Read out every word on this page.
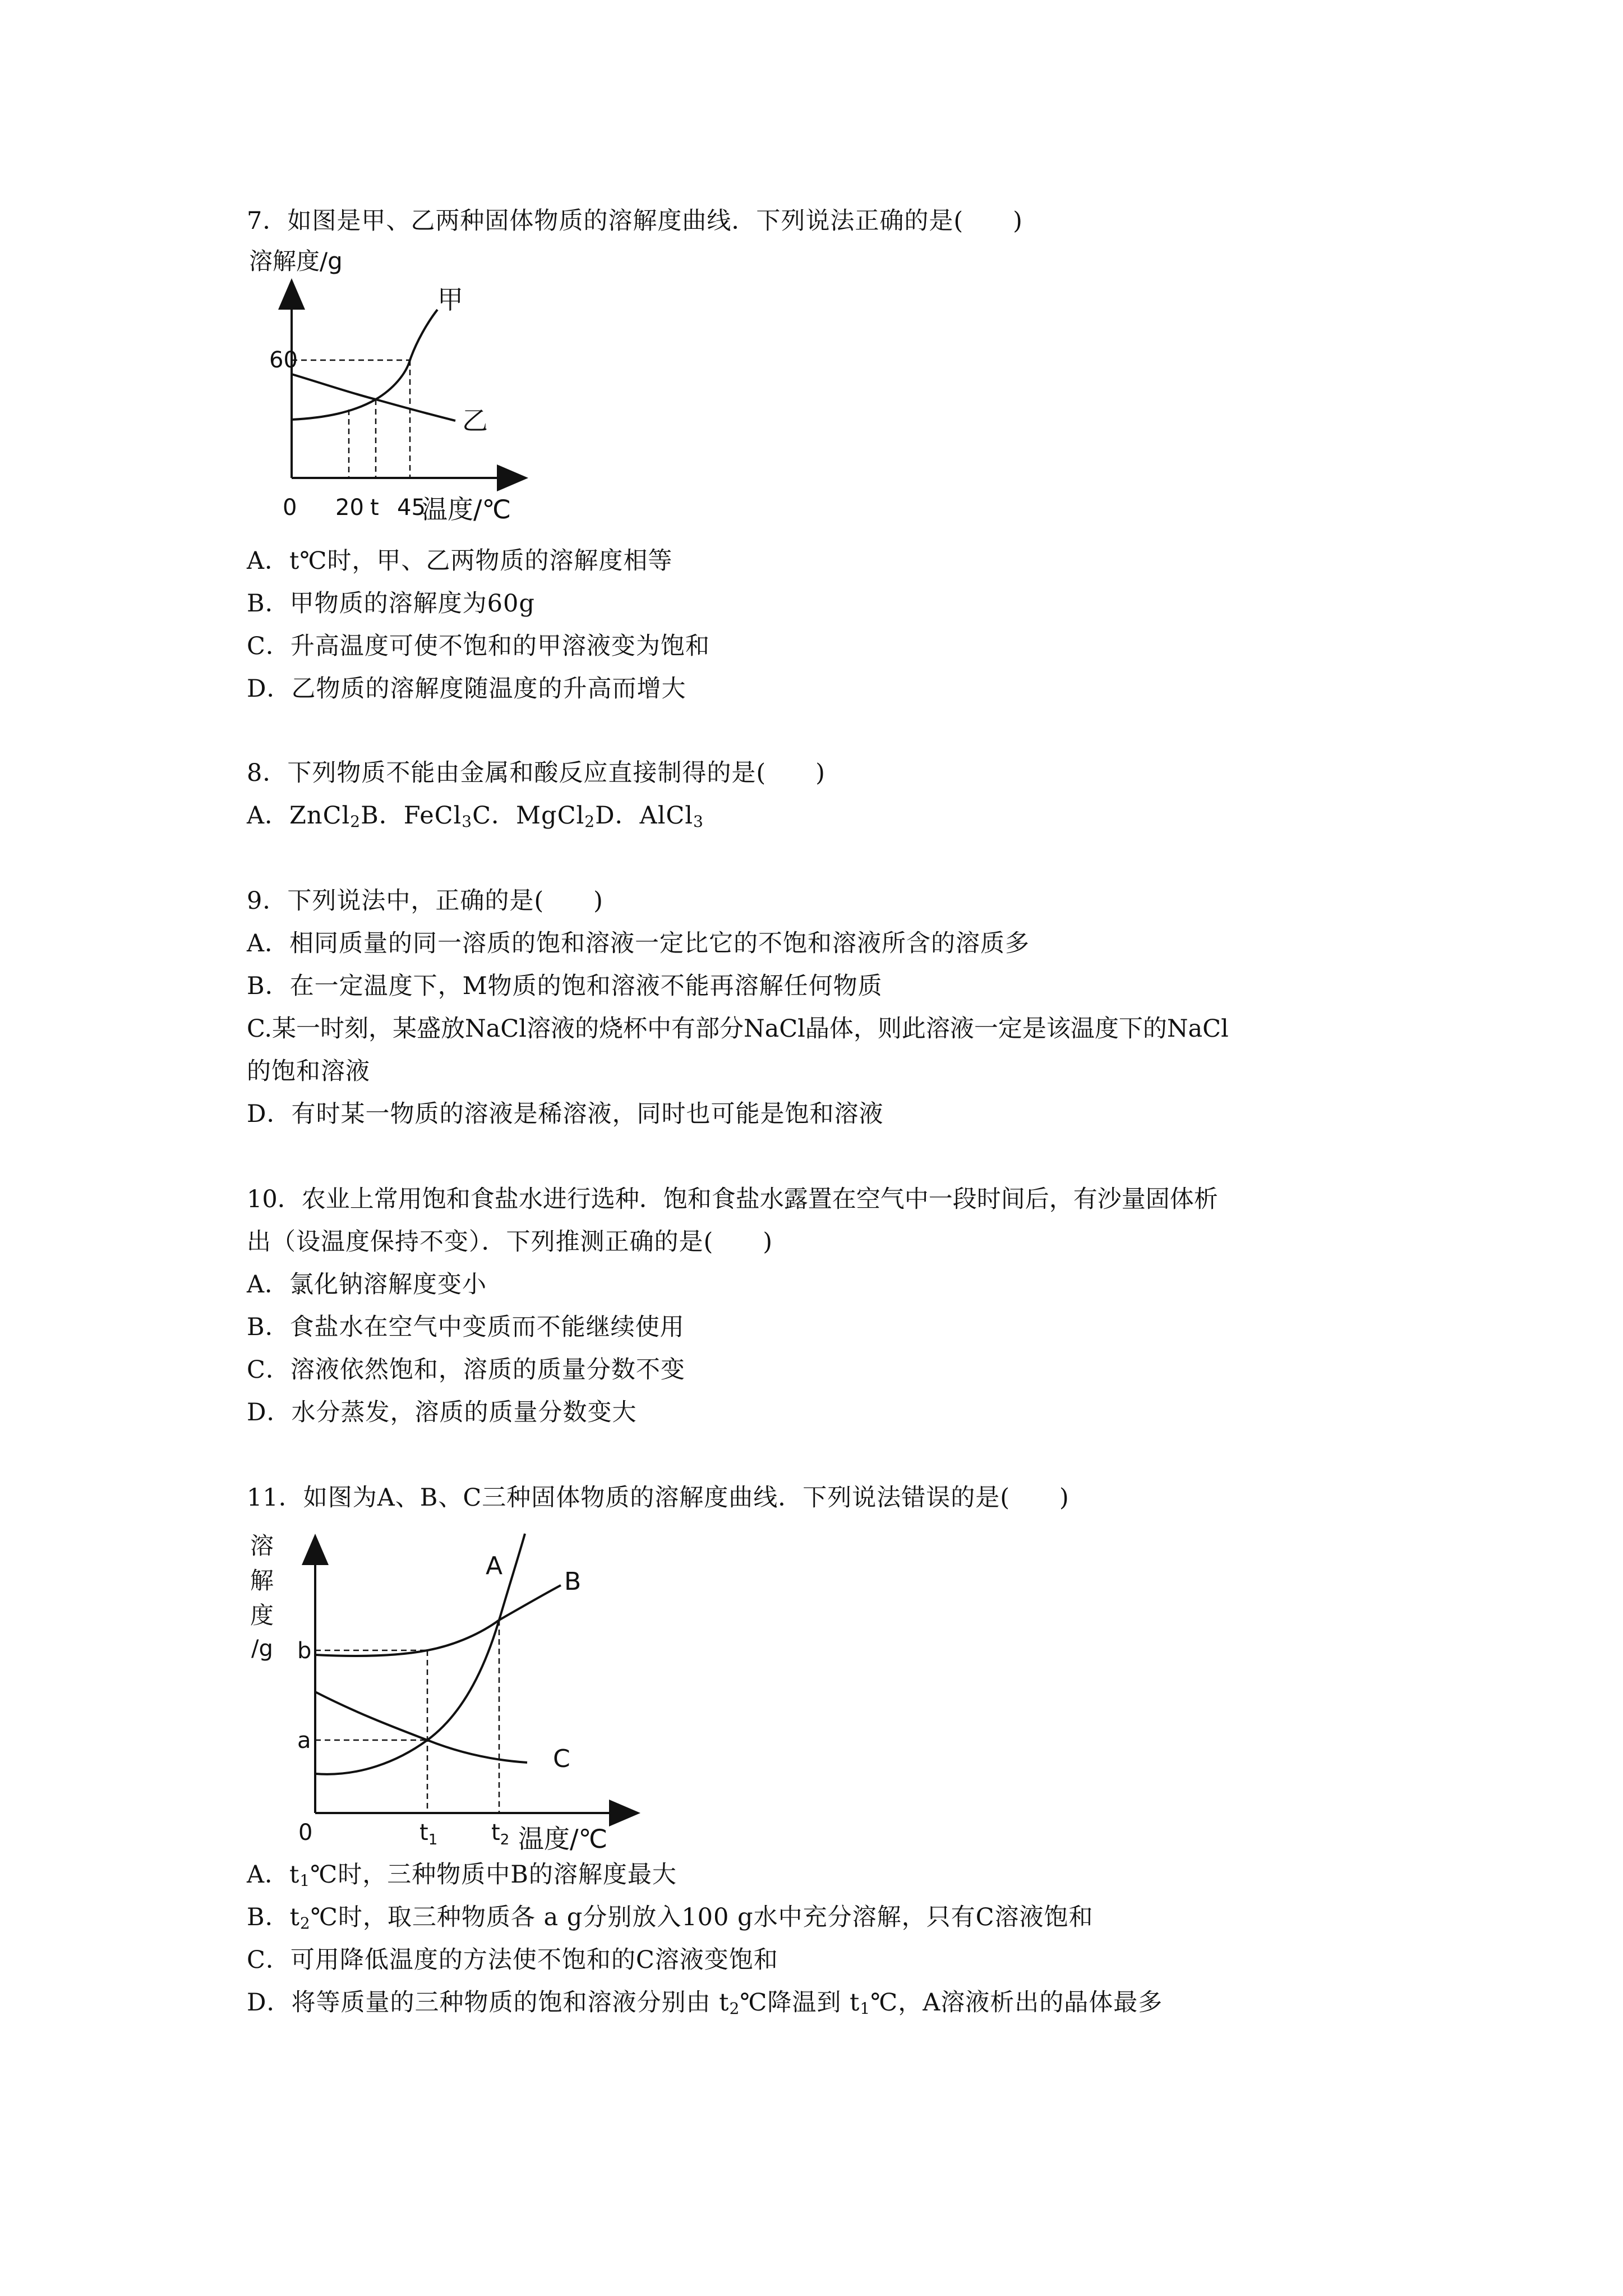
7．如图是甲、乙两种固体物质的溶解度曲线．下列说法正确的是(　　)
溶解度/g
60
甲
乙
0 20 t 45
温度/℃
A．t℃时，甲、乙两物质的溶解度相等
B．甲物质的溶解度为60g
C．升高温度可使不饱和的甲溶液变为饱和
D．乙物质的溶解度随温度的升高而增大
8．下列物质不能由金属和酸反应直接制得的是(　　)
A．ZnCl$_2$B．FeCl$_3$C．MgCl$_2$D．AlCl$_3$
9．下列说法中，正确的是(　　)
A．相同质量的同一溶质的饱和溶液一定比它的不饱和溶液所含的溶质多
B．在一定温度下，M物质的饱和溶液不能再溶解任何物质
C.某一时刻，某盛放NaCl溶液的烧杯中有部分NaCl晶体，则此溶液一定是该温度下的NaCl
的饱和溶液
D．有时某一物质的溶液是稀溶液，同时也可能是饱和溶液
10．农业上常用饱和食盐水进行选种．饱和食盐水露置在空气中一段时间后，有沙量固体析
出（设温度保持不变）．下列推测正确的是(　　)
A．氯化钠溶解度变小
B．食盐水在空气中变质而不能继续使用
C．溶液依然饱和，溶质的质量分数不变
D．水分蒸发，溶质的质量分数变大
11．如图为A、B、C三种固体物质的溶解度曲线．下列说法错误的是(　　)
溶
解
度
/g b
a
A
B
C
0	$t_1$ $t_2$ 温度/℃
A．$t_1℃$时，三种物质中B的溶解度最大
B．$t_2℃$时，取三种物质各 a g分别放入100 g水中充分溶解，只有C溶液饱和
C．可用降低温度的方法使不饱和的C溶液变饱和
D．将等质量的三种物质的饱和溶液分别由 $t_2℃$降温到 $t_1℃$，A溶液析出的晶体最多
